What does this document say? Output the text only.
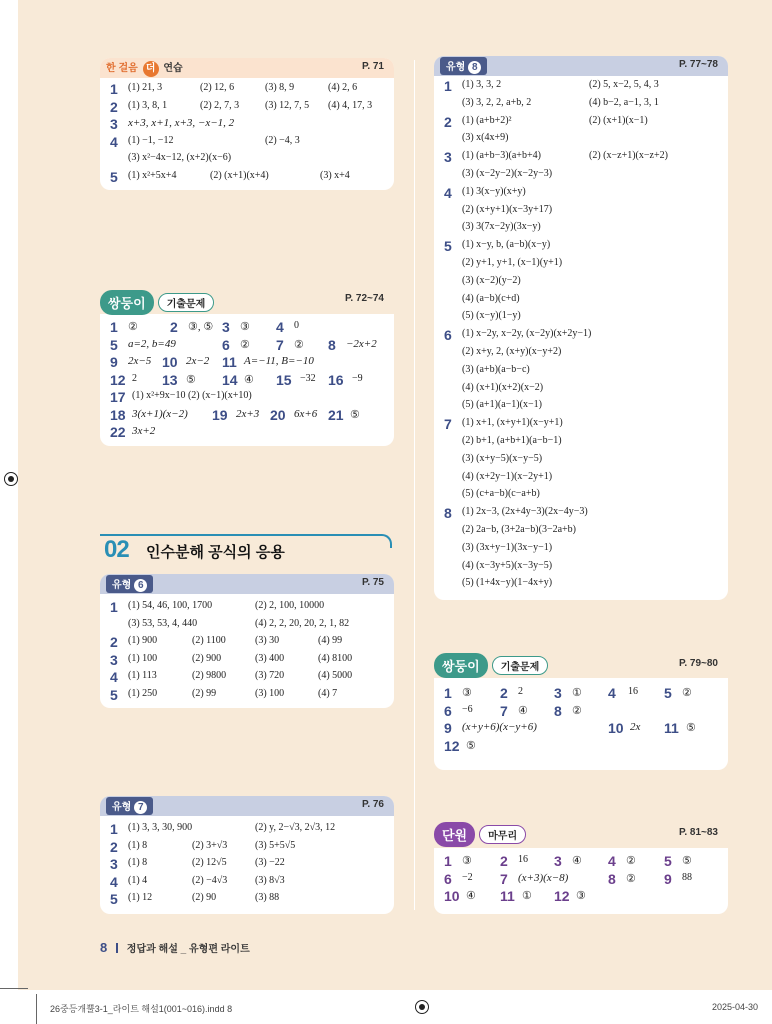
한 걸음 더 연습	P. 71
1 (1) 21, 3	(2) 12, 6	(3) 8, 9	(4) 2, 6
2 (1) 3, 8, 1	(2) 2, 7, 3	(3) 12, 7, 5 (4) 4, 17, 3
3 x+3, x+1, x+3, −x−1, 2
4 (1) −1, −12	(2) −4, 3
(3) x²−4x−12, (x+2)(x−6)
5 (1) x²+5x+4	(2) (x+1)(x+4)	(3) x+4
쌍둥이	기출문제	P. 72~74
1 ② 2 ③, ⑤ 3 ③ 4 0
5 a=2, b=49	6 ② 7 ② 8 −2x+2
9 2x−5 10 2x−2 11 A=−11, B=−10
12 2 13 ⑤ 14 ④ 15 −32 16 −9
17 (1) x²+9x−10 (2) (x−1)(x+10)
18 3(x+1)(x−2) 19 2x+3 20 6x+6 21 ⑤
22 3x+2
02 인수분해 공식의 응용
유형 6	P. 75
1 (1) 54, 46, 100, 1700	(2) 2, 100, 10000
(3) 53, 53, 4, 440	(4) 2, 2, 20, 20, 2, 1, 82
2 (1) 900	(2) 1100	(3) 30	(4) 99
3 (1) 100	(2) 900	(3) 400	(4) 8100
4 (1) 113	(2) 9800	(3) 720	(4) 5000
5 (1) 250	(2) 99	(3) 100	(4) 7
유형 7	P. 76
1 (1) 3, 3, 30, 900	(2) y, 2−√3, 2√3, 12
2 (1) 8	(2) 3+√3	(3) 5+5√5
3 (1) 8	(2) 12√5	(3) −22
4 (1) 4	(2) −4√3	(3) 8√3
5 (1) 12	(2) 90	(3) 88
유형 8	P. 77~78
1 (1) 3, 3, 2	(2) 5, x−2, 5, 4, 3
(3) 3, 2, 2, a+b, 2	(4) b−2, a−1, 3, 1
2 (1) (a+b+2)²	(2) (x+1)(x−1)
(3) x(4x+9)
3 (1) (a+b−3)(a+b+4)	(2) (x−z+1)(x−z+2)
(3) (x−2y−2)(x−2y−3)
4 (1) 3(x−y)(x+y)
(2) (x+y+1)(x−3y+17)
(3) 3(7x−2y)(3x−y)
5 (1) x−y, b, (a−b)(x−y)
(2) y+1, y+1, (x−1)(y+1)
(3) (x−2)(y−2)
(4) (a−b)(c+d)
(5) (x−y)(1−y)
6 (1) x−2y, x−2y, (x−2y)(x+2y−1)
(2) x+y, 2, (x+y)(x−y+2)
(3) (a+b)(a−b−c)
(4) (x+1)(x+2)(x−2)
(5) (a+1)(a−1)(x−1)
7 (1) x+1, (x+y+1)(x−y+1)
(2) b+1, (a+b+1)(a−b−1)
(3) (x+y−5)(x−y−5)
(4) (x+2y−1)(x−2y+1)
(5) (c+a−b)(c−a+b)
8 (1) 2x−3, (2x+4y−3)(2x−4y−3)
(2) 2a−b, (3+2a−b)(3−2a+b)
(3) (3x+y−1)(3x−y−1)
(4) (x−3y+5)(x−3y−5)
(5) (1+4x−y)(1−4x+y)
쌍둥이	기출문제	P. 79~80
1 ③ 2 2 3 ① 4 16 5 ②
6 −6 7 ④ 8 ②
9 (x+y+6)(x−y+6)	10 2x 11 ⑤
12 ⑤
단원	마무리	P. 81~83
1 ③ 2 16 3 ④ 4 ② 5 ⑤
6 −2 7 (x+3)(x−8)	8 ② 9 88
10 ④ 11 ① 12 ③
8 정답과 해설 _ 유형편 라이트
26중등개뿔3-1_라이트 해설1(001~016).indd 8	2025-04-30
